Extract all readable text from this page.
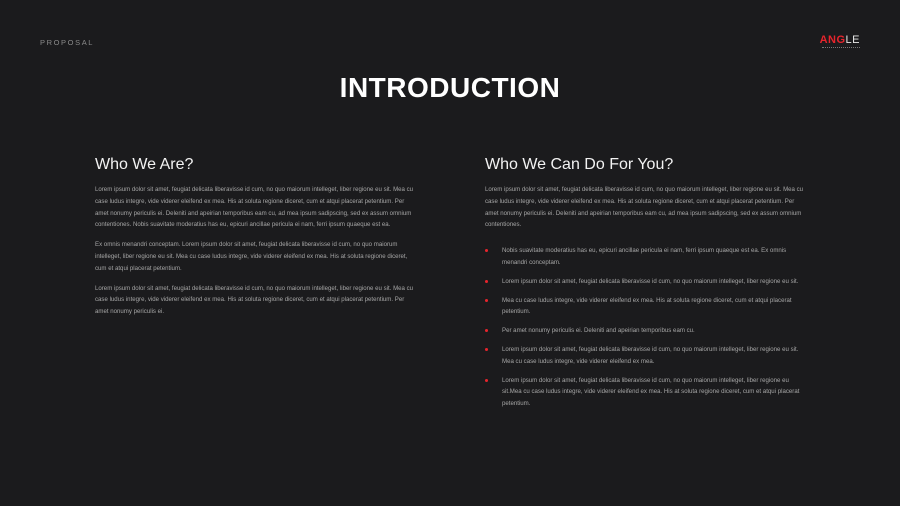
PROPOSAL	ANGLE
INTRODUCTION
Who We Are?

Lorem ipsum dolor sit amet, feugiat delicata liberavisse id cum, no quo maiorum intelleget, liber regione eu sit. Mea cu case ludus integre, vide viderer eleifend ex mea. His at soluta regione diceret, cum et atqui placerat petentium. Per amet nonumy periculis ei. Deleniti and apeirian temporibus eam cu, ad mea ipsum sadipscing, sed ex assum omnium contentiones. Nobis suavitate moderatius has eu, epicuri ancillae pericula ei nam, ferri ipsum quaeque est ea.

Ex omnis menandri conceptam. Lorem ipsum dolor sit amet, feugiat delicata liberavisse id cum, no quo maiorum intelleget, liber regione eu sit. Mea cu case ludus integre, vide viderer eleifend ex mea. His at soluta regione diceret, cum et atqui placerat petentium.

Lorem ipsum dolor sit amet, feugiat delicata liberavisse id cum, no quo maiorum intelleget, liber regione eu sit. Mea cu case ludus integre, vide viderer eleifend ex mea. His at soluta regione diceret, cum et atqui placerat petentium. Per amet nonumy periculis ei.

Who We Can Do For You?

Lorem ipsum dolor sit amet, feugiat delicata liberavisse id cum, no quo maiorum intelleget, liber regione eu sit. Mea cu case ludus integre, vide viderer eleifend ex mea. His at soluta regione diceret, cum et atqui placerat petentium. Per amet nonumy periculis ei. Deleniti and apeirian temporibus eam cu, ad mea ipsum sadipscing, sed ex assum omnium contentiones.

Nobis suavitate moderatius has eu, epicuri ancillae pericula ei nam, ferri ipsum quaeque est ea. Ex omnis menandri conceptam.
Lorem ipsum dolor sit amet, feugiat delicata liberavisse id cum, no quo maiorum intelleget, liber regione eu sit.
Mea cu case ludus integre, vide viderer eleifend ex mea. His at soluta regione diceret, cum et atqui placerat petentium.
Per amet nonumy periculis ei. Deleniti and apeirian temporibus eam cu.
Lorem ipsum dolor sit amet, feugiat delicata liberavisse id cum, no quo maiorum intelleget, liber regione eu sit. Mea cu case ludus integre, vide viderer eleifend ex mea.
Lorem ipsum dolor sit amet, feugiat delicata liberavisse id cum, no quo maiorum intelleget, liber regione eu sit.Mea cu case ludus integre, vide viderer eleifend ex mea. His at soluta regione diceret, cum et atqui placerat petentium.
